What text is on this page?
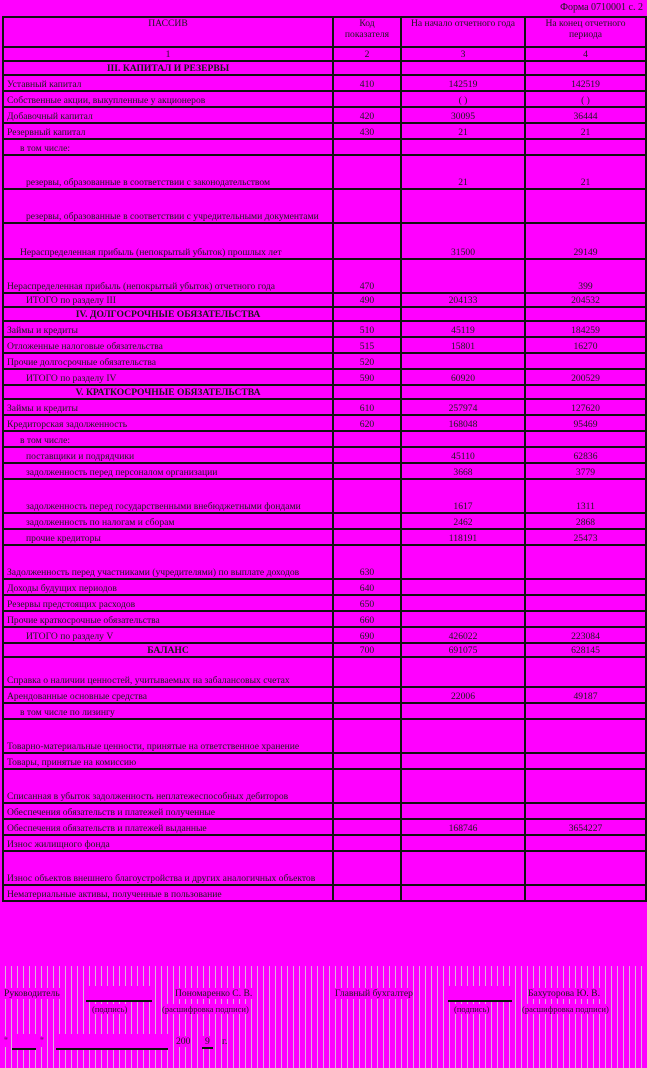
Форма 0710001 с. 2
ПАССИВ	Код показателя	На начало отчетного года	На конец отчетного периода
1	2	3	4
III. КАПИТАЛ И РЕЗЕРВЫ			
Уставный капитал	410	142519	142519
Собственные акции, выкупленные у акционеров		( )	( )
Добавочный капитал	420	30095	36444
Резервный капитал	430	21	21
в том числе:			
резервы, образованные в соответствии с законодательством		21	21
резервы, образованные в соответствии с учредительными документами			
Нераспределенная прибыль (непокрытый убыток) прошлых лет		31500	29149
Нераспределенная прибыль (непокрытый убыток) отчетного года	470		399
ИТОГО по разделу III	490	204133	204532
IV. ДОЛГОСРОЧНЫЕ ОБЯЗАТЕЛЬСТВА			
Займы и кредиты	510	45119	184259
Отложенные налоговые обязательства	515	15801	16270
Прочие долгосрочные обязательства	520		
ИТОГО по разделу IV	590	60920	200529
V. КРАТКОСРОЧНЫЕ ОБЯЗАТЕЛЬСТВА			
Займы и кредиты	610	257974	127620
Кредиторская задолженность	620	168048	95469
в том числе:			
поставщики и подрядчики		45110	62836
задолженность перед персоналом организации		3668	3779
задолженность перед государственными внебюджетными фондами		1617	1311
задолженность по налогам и сборам		2462	2868
прочие кредиторы		118191	25473
Задолженность перед участниками (учредителями) по выплате доходов	630		
Доходы будущих периодов	640		
Резервы предстоящих расходов	650		
Прочие краткосрочные обязательства	660		
ИТОГО по разделу V	690	426022	223084
БАЛАНС	700	691075	628145
Справка о наличии ценностей, учитываемых на забалансовых счетах			
Арендованные основные средства		22006	49187
в том числе по лизингу			
Товарно-материальные ценности, принятые на ответственное хранение			
Товары, принятые на комиссию			
Списанная в убыток задолженность неплатежеспособных дебиторов			
Обеспечения обязательств и платежей полученные			
Обеспечения обязательств и платежей выданные		168746	3654227
Износ жилищного фонда			
Износ объектов внешнего благоустройства и других аналогичных объектов			
Нематериальные активы, полученные в пользование			
Руководитель
(подпись)
Пономаренко С. В.
(расшифровка подписи)
Главный бухгалтер
(подпись)
Бахуторова Ю. В.
(расшифровка подписи)
"	"	200	9	г.
